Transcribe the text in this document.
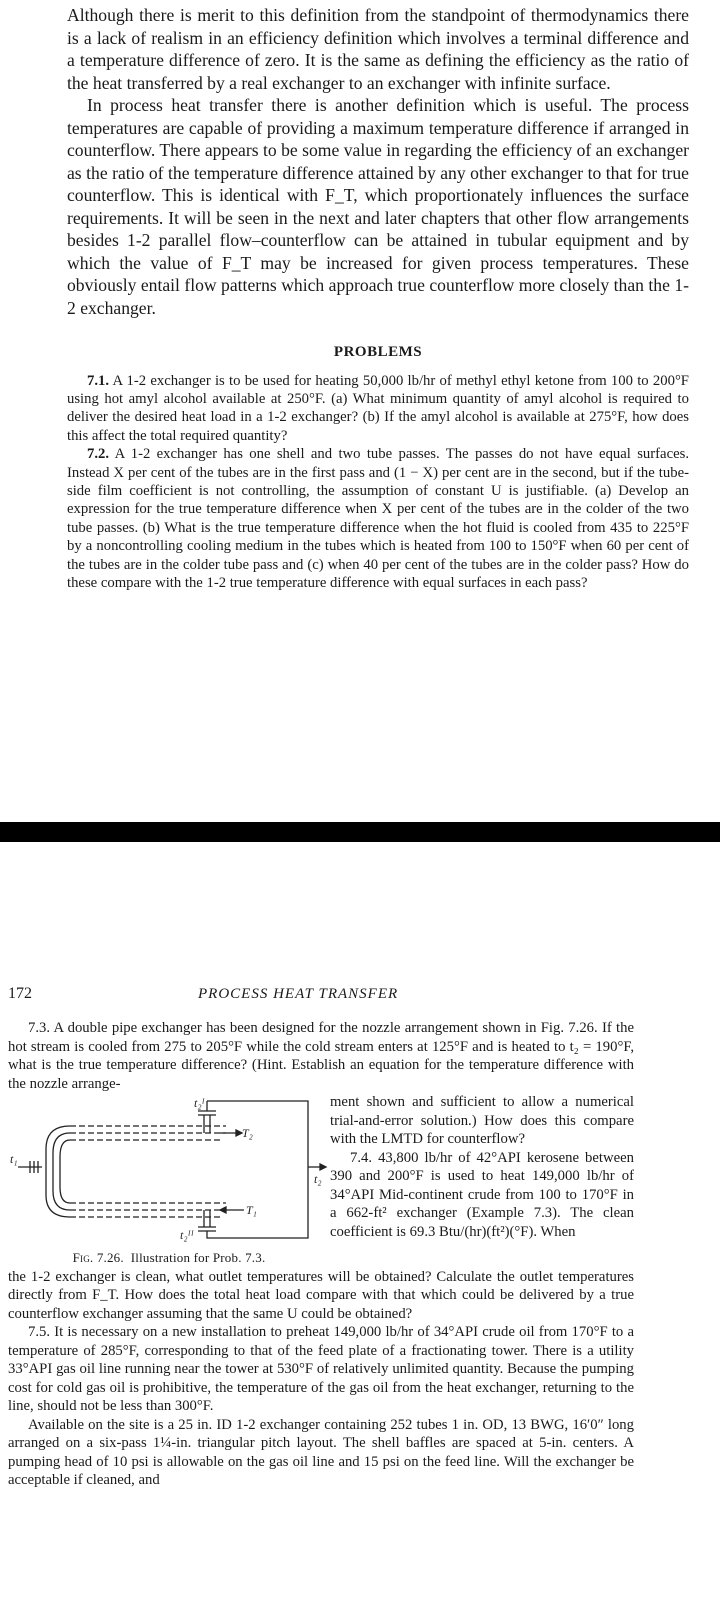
Although there is merit to this definition from the standpoint of thermodynamics there is a lack of realism in an efficiency definition which involves a terminal difference and a temperature difference of zero. It is the same as defining the efficiency as the ratio of the heat transferred by a real exchanger to an exchanger with infinite surface.

In process heat transfer there is another definition which is useful. The process temperatures are capable of providing a maximum temperature difference if arranged in counterflow. There appears to be some value in regarding the efficiency of an exchanger as the ratio of the temperature difference attained by any other exchanger to that for true counterflow. This is identical with F_T, which proportionately influences the surface requirements. It will be seen in the next and later chapters that other flow arrangements besides 1-2 parallel flow–counterflow can be attained in tubular equipment and by which the value of F_T may be increased for given process temperatures. These obviously entail flow patterns which approach true counterflow more closely than the 1-2 exchanger.

PROBLEMS

7.1. A 1-2 exchanger is to be used for heating 50,000 lb/hr of methyl ethyl ketone from 100 to 200°F using hot amyl alcohol available at 250°F. (a) What minimum quantity of amyl alcohol is required to deliver the desired heat load in a 1-2 exchanger? (b) If the amyl alcohol is available at 275°F, how does this affect the total required quantity?

7.2. A 1-2 exchanger has one shell and two tube passes. The passes do not have equal surfaces. Instead X per cent of the tubes are in the first pass and (1 − X) per cent are in the second, but if the tube-side film coefficient is not controlling, the assumption of constant U is justifiable. (a) Develop an expression for the true temperature difference when X per cent of the tubes are in the colder of the two tube passes. (b) What is the true temperature difference when the hot fluid is cooled from 435 to 225°F by a noncontrolling cooling medium in the tubes which is heated from 100 to 150°F when 60 per cent of the tubes are in the colder tube pass and (c) when 40 per cent of the tubes are in the colder pass? How do these compare with the 1-2 true temperature difference with equal surfaces in each pass?

172	PROCESS HEAT TRANSFER

7.3. A double pipe exchanger has been designed for the nozzle arrangement shown in Fig. 7.26. If the hot stream is cooled from 275 to 205°F while the cold stream enters at 125°F and is heated to t₂ = 190°F, what is the true temperature difference? (Hint. Establish an equation for the temperature difference with the nozzle arrange-

t₂ᴵ
T₂
T₁
t₁
t₂
t₂ᴵᴵ
Fig. 7.26. Illustration for Prob. 7.3.

ment shown and sufficient to allow a numerical trial-and-error solution.) How does this compare with the LMTD for counterflow?

7.4. 43,800 lb/hr of 42°API kerosene between 390 and 200°F is used to heat 149,000 lb/hr of 34°API Mid-continent crude from 100 to 170°F in a 662-ft² exchanger (Example 7.3). The clean coefficient is 69.3 Btu/(hr)(ft²)(°F). When

the 1-2 exchanger is clean, what outlet temperatures will be obtained? Calculate the outlet temperatures directly from F_T. How does the total heat load compare with that which could be delivered by a true counterflow exchanger assuming that the same U could be obtained?

7.5. It is necessary on a new installation to preheat 149,000 lb/hr of 34°API crude oil from 170°F to a temperature of 285°F, corresponding to that of the feed plate of a fractionating tower. There is a utility 33°API gas oil line running near the tower at 530°F of relatively unlimited quantity. Because the pumping cost for cold gas oil is prohibitive, the temperature of the gas oil from the heat exchanger, returning to the line, should not be less than 300°F.

Available on the site is a 25 in. ID 1-2 exchanger containing 252 tubes 1 in. OD, 13 BWG, 16′0″ long arranged on a six-pass 1¼-in. triangular pitch layout. The shell baffles are spaced at 5-in. centers. A pumping head of 10 psi is allowable on the gas oil line and 15 psi on the feed line. Will the exchanger be acceptable if cleaned, and
